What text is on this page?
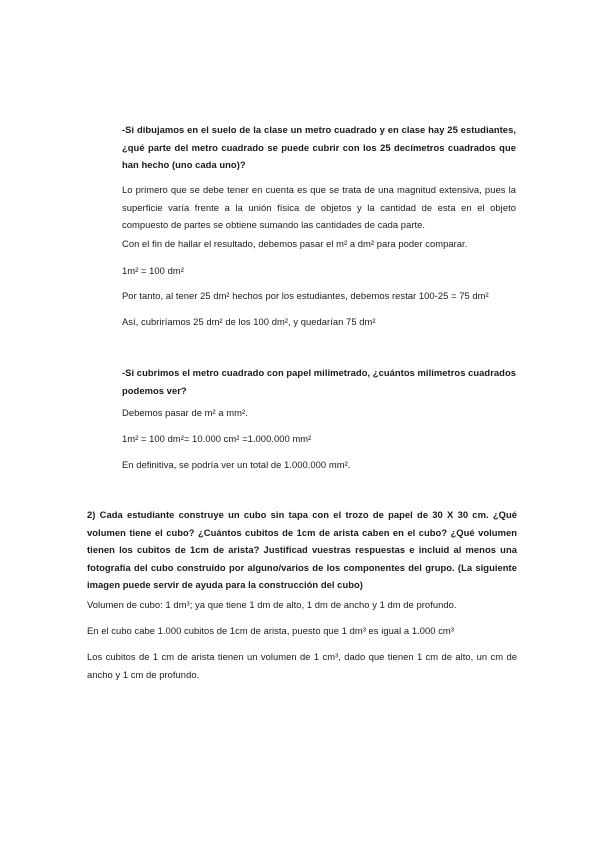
-Si dibujamos en el suelo de la clase un metro cuadrado y en clase hay 25 estudiantes, ¿qué parte del metro cuadrado se puede cubrir con los 25 decímetros cuadrados que han hecho (uno cada uno)?

Lo primero que se debe tener en cuenta es que se trata de una magnitud extensiva, pues la superficie varía frente a la unión física de objetos y la cantidad de esta en el objeto compuesto de partes se obtiene sumando las cantidades de cada parte.

Con el fin de hallar el resultado, debemos pasar el m² a dm² para poder comparar.

1m² = 100 dm²

Por tanto, al tener 25 dm² hechos por los estudiantes, debemos restar 100-25 = 75 dm²

Así, cubriríamos 25 dm² de los 100 dm², y quedarían 75 dm²

-Si cubrimos el metro cuadrado con papel milimetrado, ¿cuántos milímetros cuadrados podemos ver?

Debemos pasar de m² a mm².

1m² = 100 dm²= 10.000 cm² =1.000.000 mm²

En definitiva, se podría ver un total de 1.000.000 mm².

2) Cada estudiante construye un cubo sin tapa con el trozo de papel de 30 X 30 cm. ¿Qué volumen tiene el cubo? ¿Cuántos cubitos de 1cm de arista caben en el cubo? ¿Qué volumen tienen los cubitos de 1cm de arista? Justificad vuestras respuestas e incluid al menos una fotografía del cubo construido por alguno/varios de los componentes del grupo. (La siguiente imagen puede servir de ayuda para la construcción del cubo)

Volumen de cubo: 1 dm³; ya que tiene 1 dm de alto, 1 dm de ancho y 1 dm de profundo.

En el cubo cabe 1.000 cubitos de 1cm de arista, puesto que 1 dm³ es igual a 1.000 cm³

Los cubitos de 1 cm de arista tienen un volumen de 1 cm³, dado que tienen 1 cm de alto, un cm de ancho y 1 cm de profundo.
